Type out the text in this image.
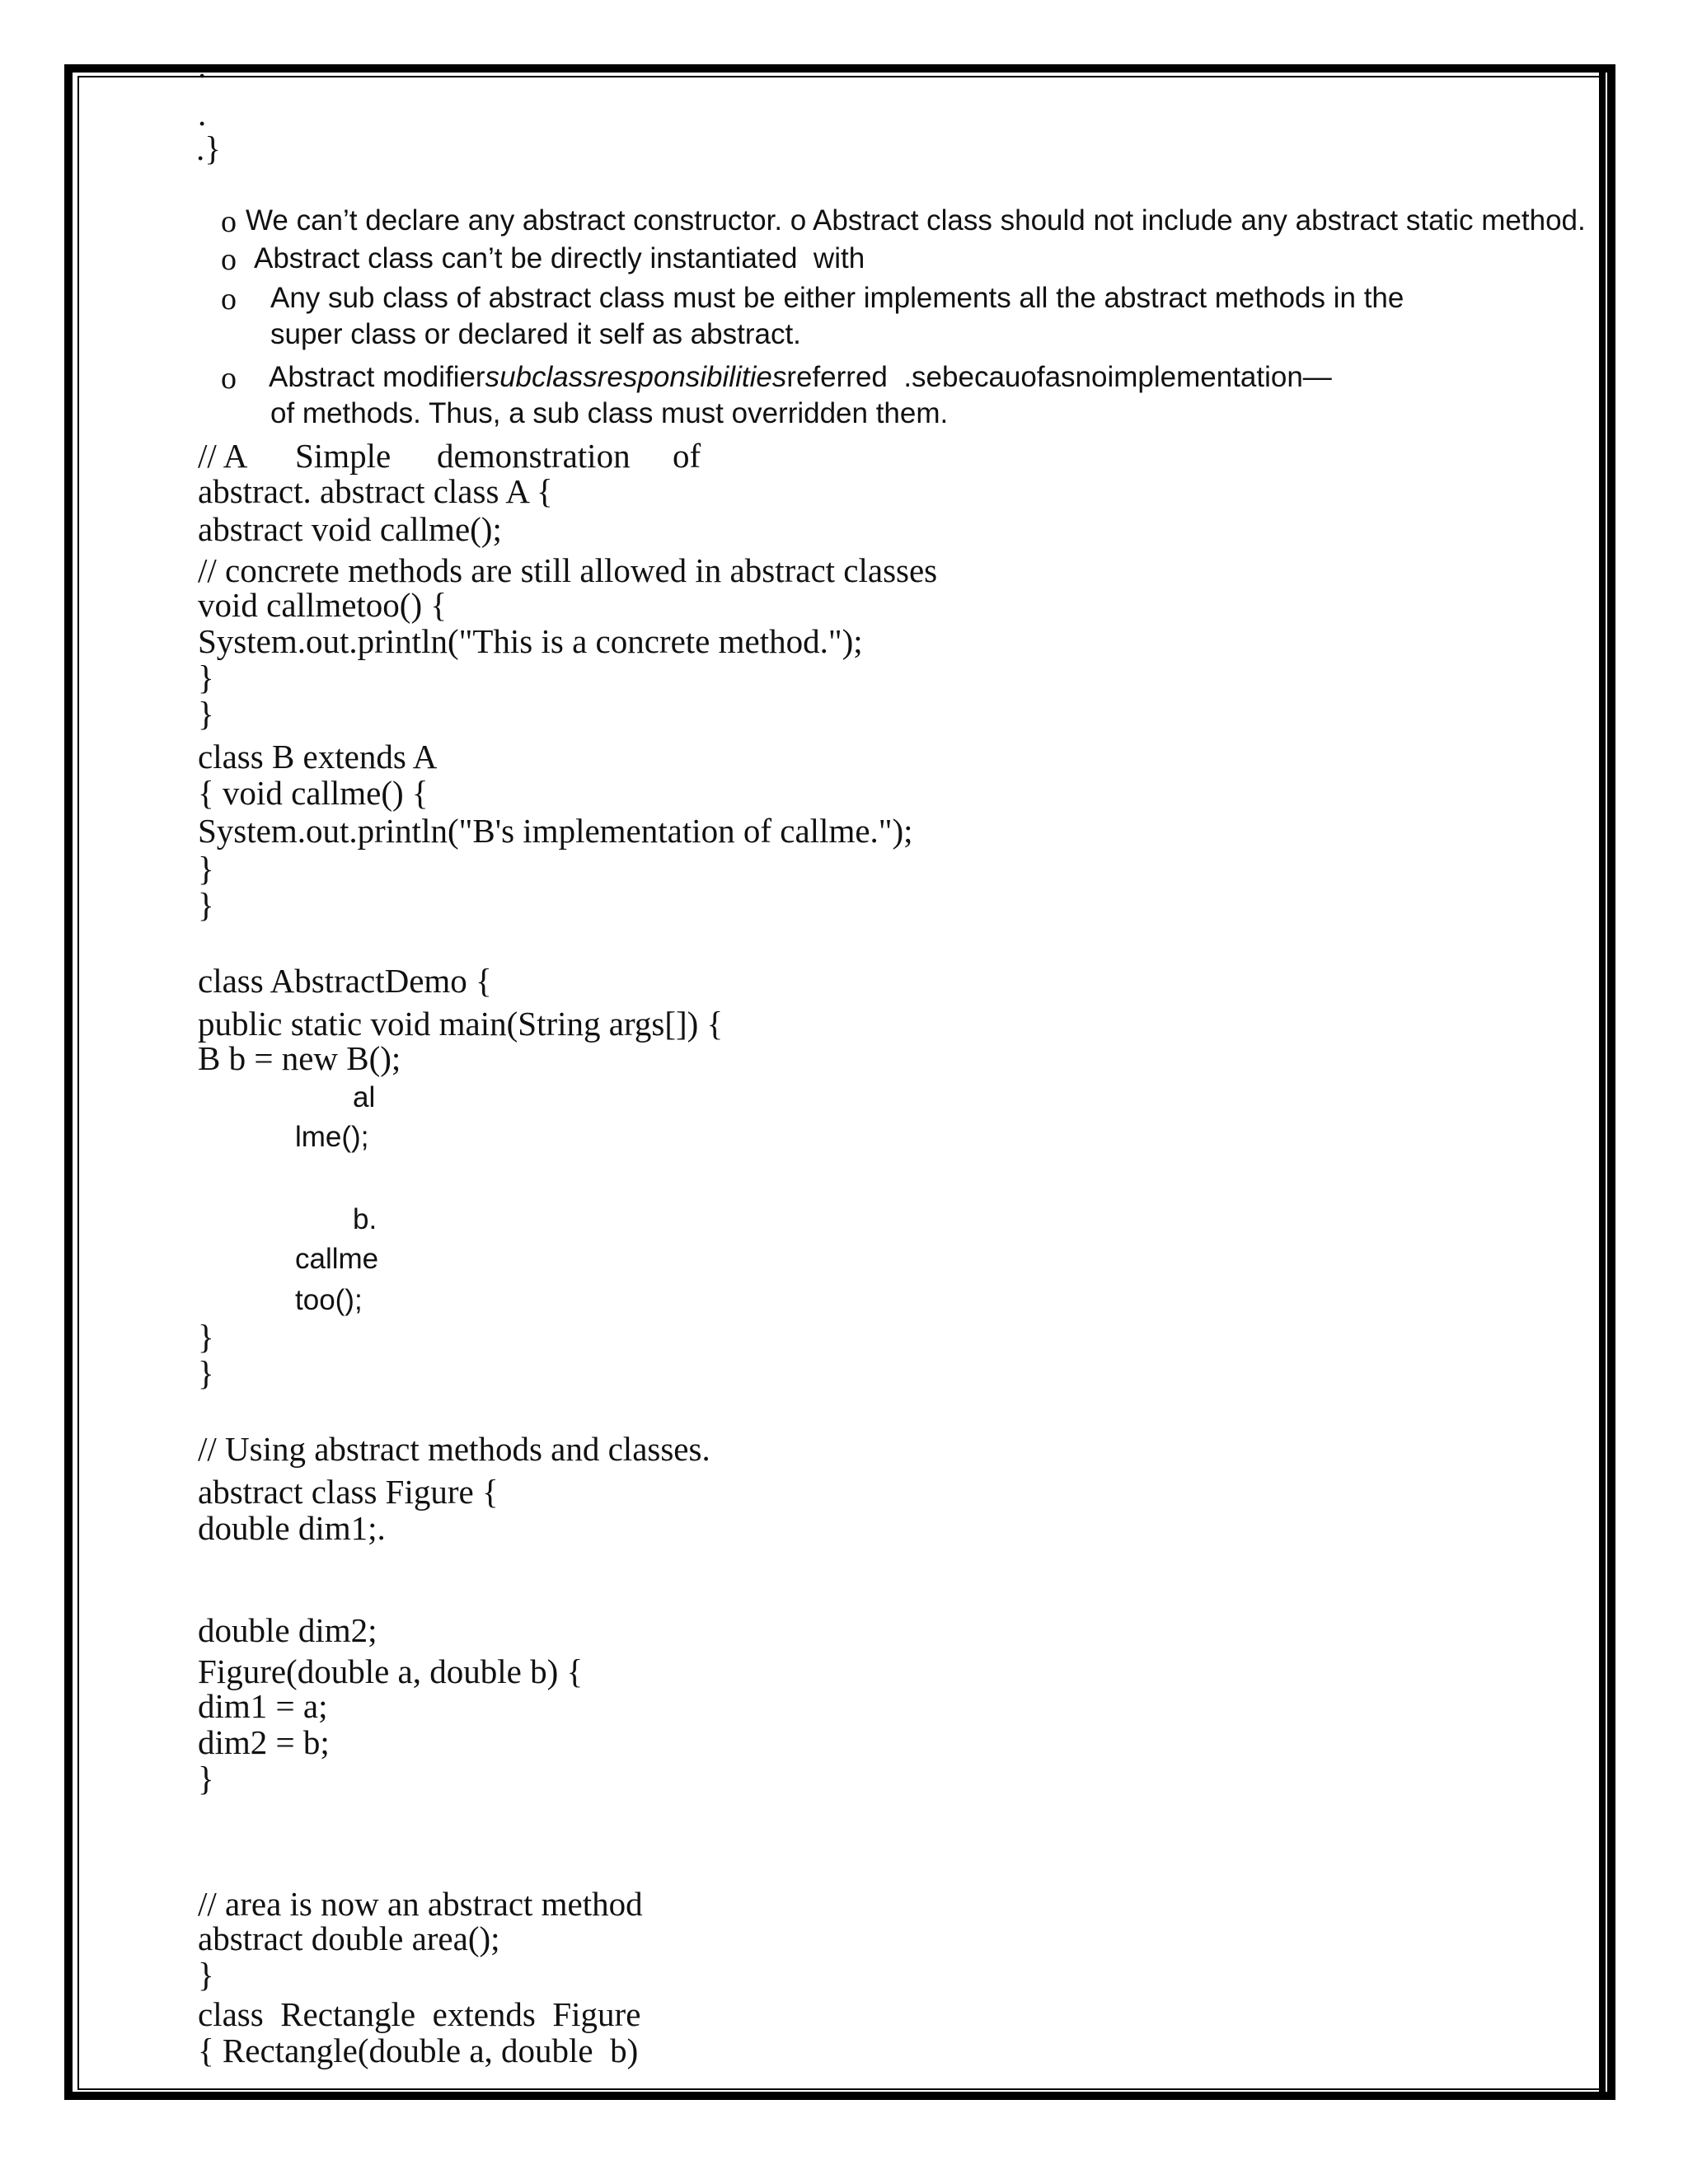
.
.
.}
o We can’t declare any abstract constructor. o Abstract class should not include any abstract static method.
o Abstract class can’t be directly instantiated  with
o Any sub class of abstract class must be either implements all the abstract methods in the
super class or declared it self as abstract.
o Abstract modifiersubclassresponsibilitiesreferred  .sebecauofasnoimplementation—
of methods. Thus, a sub class must overridden them.
// A Simple demonstration of
abstract. abstract class A {
abstract void callme();
// concrete methods are still allowed in abstract classes
void callmetoo() {
System.out.println("This is a concrete method.");
}
}
class B extends A
{ void callme() {
System.out.println("B's implementation of callme.");
}
}
class AbstractDemo {
public static void main(String args[]) {
B b = new B();
al
lme();
b.
callme
too();
}
}
// Using abstract methods and classes.
abstract class Figure {
double dim1;.
double dim2;
Figure(double a, double b) {
dim1 = a;
dim2 = b;
}
// area is now an abstract method
abstract double area();
}
class  Rectangle  extends  Figure
{ Rectangle(double a, double  b)
